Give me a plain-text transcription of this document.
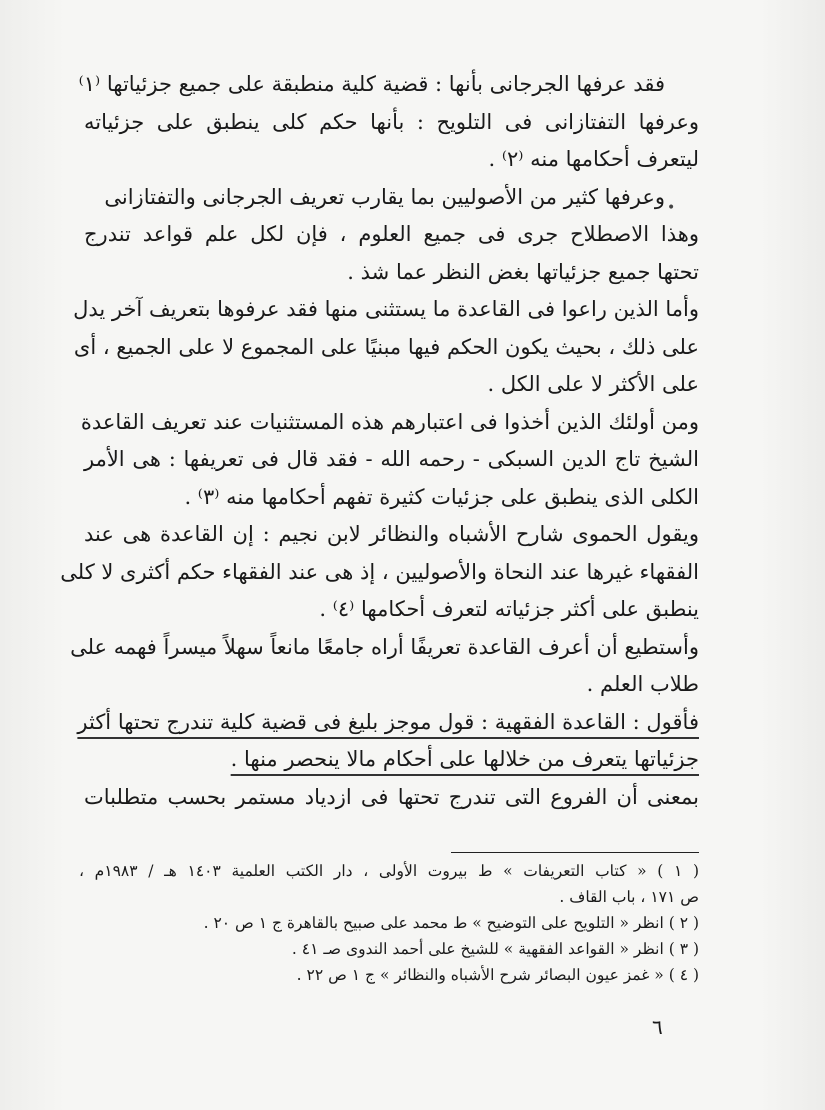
•
فقد عرفها الجرجانى بأنها : قضية كلية منطبقة على جميع جزئياتها ⁽١⁾
وعرفها التفتازانى فى التلويح : بأنها حكم كلى ينطبق على جزئياته
ليتعرف أحكامها منه ⁽٢⁾ .
وعرفها كثير من الأصوليين بما يقارب تعريف الجرجانى والتفتازانى
وهذا الاصطلاح جرى فى جميع العلوم ، فإن لكل علم قواعد تندرج
تحتها جميع جزئياتها بغض النظر عما شذ .
وأما الذين راعوا فى القاعدة ما يستثنى منها فقد عرفوها بتعريف آخر يدل
على ذلك ، بحيث يكون الحكم فيها مبنيًا على المجموع لا على الجميع ، أى
على الأكثر لا على الكل .
ومن أولئك الذين أخذوا فى اعتبارهم هذه المستثنيات عند تعريف القاعدة
الشيخ تاج الدين السبكى - رحمه الله - فقد قال فى تعريفها : هى الأمر
الكلى الذى ينطبق على جزئيات كثيرة تفهم أحكامها منه ⁽٣⁾ .
ويقول الحموى شارح الأشباه والنظائر لابن نجيم : إن القاعدة هى عند
الفقهاء غيرها عند النحاة والأصوليين ، إذ هى عند الفقهاء حكم أكثرى لا كلى
ينطبق على أكثر جزئياته لتعرف أحكامها ⁽٤⁾ .
وأستطيع أن أعرف القاعدة تعريفًا أراه جامعًا مانعاً سهلاً ميسراً فهمه على
طلاب العلم .
فأقول : القاعدة الفقهية : قول موجز بليغ فى قضية كلية تندرج تحتها أكثر
جزئياتها يتعرف من خلالها على أحكام مالا ينحصر منها .
بمعنى أن الفروع التى تندرج تحتها فى ازدياد مستمر بحسب متطلبات
( ١ ) « كتاب التعريفات » ط بيروت الأولى ، دار الكتب العلمية ١٤٠٣ هـ / ١٩٨٣م ،
ص ١٧١ ، باب القاف .
( ٢ ) انظر « التلويح على التوضيح » ط محمد على صبيح بالقاهرة ج ١ ص ٢٠ .
( ٣ ) انظر « القواعد الفقهية » للشيخ على أحمد الندوى صـ ٤١ .
( ٤ ) « غمز عيون البصائر شرح الأشباه والنظائر » ج ١ ص ٢٢ .
٦
